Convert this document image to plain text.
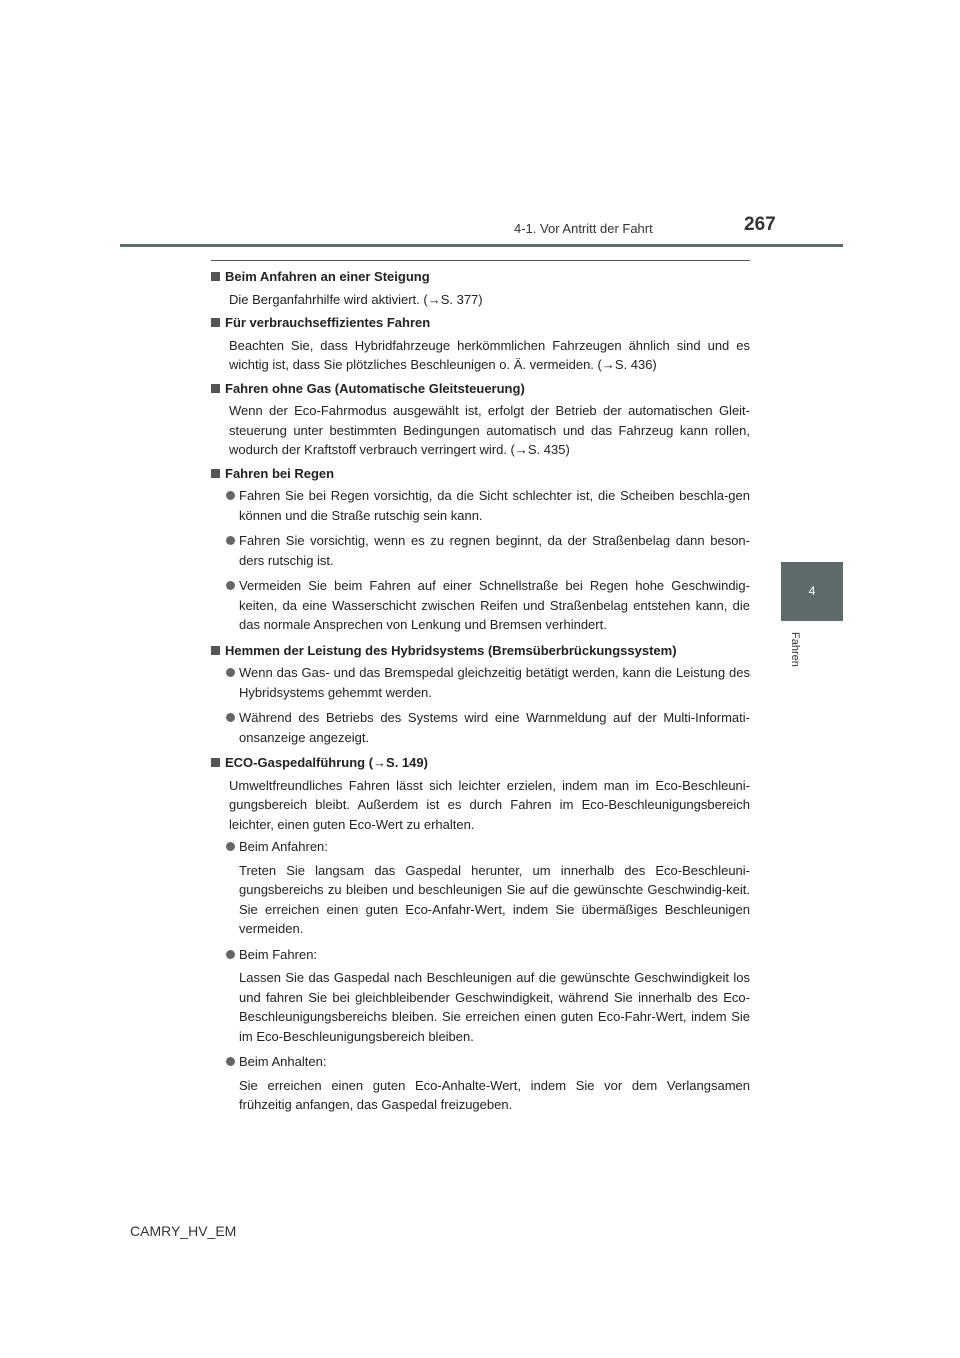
4-1. Vor Antritt der Fahrt	267
4
Fahren
Beim Anfahren an einer Steigung
Die Berganfahrhilfe wird aktiviert. (→S. 377)
Für verbrauchseffizientes Fahren
Beachten Sie, dass Hybridfahrzeuge herkömmlichen Fahrzeugen ähnlich sind und es wichtig ist, dass Sie plötzliches Beschleunigen o. Ä. vermeiden. (→S. 436)
Fahren ohne Gas (Automatische Gleitsteuerung)
Wenn der Eco-Fahrmodus ausgewählt ist, erfolgt der Betrieb der automatischen Gleit-steuerung unter bestimmten Bedingungen automatisch und das Fahrzeug kann rollen, wodurch der Kraftstoff verbrauch verringert wird. (→S. 435)
Fahren bei Regen
Fahren Sie bei Regen vorsichtig, da die Sicht schlechter ist, die Scheiben beschla-gen können und die Straße rutschig sein kann.
Fahren Sie vorsichtig, wenn es zu regnen beginnt, da der Straßenbelag dann beson-ders rutschig ist.
Vermeiden Sie beim Fahren auf einer Schnellstraße bei Regen hohe Geschwindig-keiten, da eine Wasserschicht zwischen Reifen und Straßenbelag entstehen kann, die das normale Ansprechen von Lenkung und Bremsen verhindert.
Hemmen der Leistung des Hybridsystems (Bremsüberbrückungssystem)
Wenn das Gas- und das Bremspedal gleichzeitig betätigt werden, kann die Leistung des Hybridsystems gehemmt werden.
Während des Betriebs des Systems wird eine Warnmeldung auf der Multi-Informati-onsanzeige angezeigt.
ECO-Gaspedalführung (→S. 149)
Umweltfreundliches Fahren lässt sich leichter erzielen, indem man im Eco-Beschleuni-gungsbereich bleibt. Außerdem ist es durch Fahren im Eco-Beschleunigungsbereich leichter, einen guten Eco-Wert zu erhalten.
Beim Anfahren:
Treten Sie langsam das Gaspedal herunter, um innerhalb des Eco-Beschleuni-gungsbereichs zu bleiben und beschleunigen Sie auf die gewünschte Geschwindig-keit. Sie erreichen einen guten Eco-Anfahr-Wert, indem Sie übermäßiges Beschleunigen vermeiden.
Beim Fahren:
Lassen Sie das Gaspedal nach Beschleunigen auf die gewünschte Geschwindigkeit los und fahren Sie bei gleichbleibender Geschwindigkeit, während Sie innerhalb des Eco-Beschleunigungsbereichs bleiben. Sie erreichen einen guten Eco-Fahr-Wert, indem Sie im Eco-Beschleunigungsbereich bleiben.
Beim Anhalten:
Sie erreichen einen guten Eco-Anhalte-Wert, indem Sie vor dem Verlangsamen frühzeitig anfangen, das Gaspedal freizugeben.
CAMRY_HV_EM
